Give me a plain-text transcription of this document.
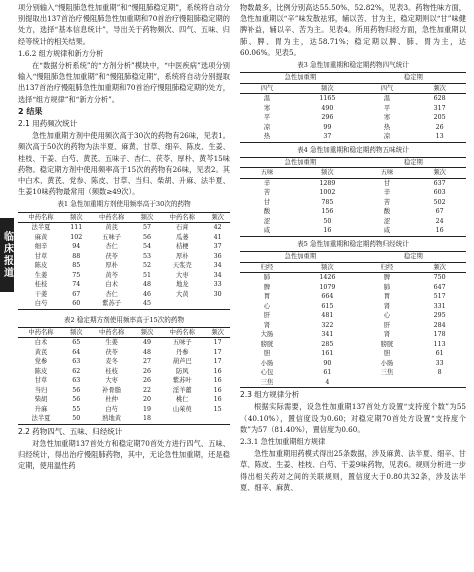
临床报道

项分别输入“慢阻肺急性加重期”和“慢阻肺稳定期”，系统将自动分别提取出137首治疗慢阻肺急性加重期和70首治疗慢阻肺稳定期的处方，选择“基本信息统计”，导出关于药物频次、四气、五味、归经等统计的相关结果。

1.6.2 组方规律和新方分析

在“数据分析系统”的“方剂分析”模块中，“中医疾病”选项分别输入“慢阻肺急性加重期”和“慢阻肺稳定期”，系统将自动分别提取出137首治疗慢阻肺急性加重期和70首治疗慢阻肺稳定期的处方，选择“组方规律”和“新方分析”。

2 结果

2.1 用药频次统计

急性加重期方剂中使用频次高于30次的药物有26味，见表1。频次高于50次的药物为法半夏、麻黄、甘草、细辛、陈皮、生姜、桂枝、干姜、白芍、黄芪、五味子、杏仁、茯苓、厚朴、黄芩15味药物。稳定期方剂中使用频率高于15次的药物有26味，见表2。其中白术、黄芪、党参、陈皮、甘草、当归、柴胡、升麻、法半夏、生姜10味药物最常用（频数≥49次）。

表1 急性加重期方剂使用频率高于30次的药物
中药名称	频次	中药名称	频次	中药名称	频次
法半夏	111	黄芪	57	石膏	42
麻黄	102	五味子	56	瓜蒌	41
细辛	94	杏仁	54	桔梗	37
甘草	88	茯苓	53	厚朴	36
陈皮	85	厚朴	52	天浆壳	34
生姜	75	黄芩	51	大枣	34
桂枝	74	白术	48	地龙	33
干姜	67	杏仁	46	大黄	30
白芍	60	紫苏子	45		
表2 稳定期方剂使用频率高于15次的药物
中药名称	频次	中药名称	频次	中药名称	频次
白术	65	生姜	49	五味子	17
黄芪	64	茯苓	48	丹参	17
党参	63	麦冬	27	葫芦巴	17
陈皮	62	桂枝	26	防风	16
甘草	63	大枣	26	紫苏叶	16
当归	56	补骨脂	22	淫羊藿	16
柴胡	56	杜仲	20	桃仁	16
升麻	55	白芍	19	山茱萸	15
法半夏	50	熟地黄	18		

2.2 药物四气、五味、归经统计

对急性加重期137首处方和稳定期70首处方进行四气、五味、归经统计，得出治疗慢阻肺药物，其中，无论急性加重期，还是稳定期，使用温性药

物数最多，比例分别高达55.50%、52.82%，见表3。药物性味方面，急性加重期以“辛”味发散祛邪，辅以苦、甘为主，稳定期则以“甘”味健脾补益，辅以辛、苦为主。见表4。所用药物归经方面，急性加重期以肺、脾、胃为主，达58.71%；稳定期以脾、肺、胃为主，达60.06%。见表5。

表3 急性加重期和稳定期药物四气统计
急性加重期		稳定期	
四气	频次	四气	频次
温	1165	温	628
寒	490	平	317
平	296	寒	205
凉	99	热	26
热	37	凉	13
表4 急性加重期和稳定期药物五味统计
急性加重期		稳定期	
五味	频次	五味	频次
辛	1289	甘	637
苦	1002	辛	603
甘	785	苦	502
酸	156	酸	67
涩	50	涩	24
咸	16	咸	16
表5 急性加重期和稳定期药物归经统计
急性加重期		稳定期	
归经	频次	归经	频次
肺	1426	脾	750
脾	1079	肺	647
胃	664	胃	517
心	615	肾	331
肝	481	心	295
肾	322	肝	284
大肠	341	肾	178
膀胱	285	膀胱	113
胆	161	胆	61
小肠	90	小肠	33
心包	61	三焦	8
三焦	4		

2.3 组方规律分析

根据实际需要，设急性加重期137首处方设置“支持度个数”为55（40.10%），置信度设为0.60；对稳定期70首处方设置“支持度个数”为57（81.40%），置信度为0.60。

2.3.1 急性加重期组方规律

急性加重期用药模式得出25条数据，涉及麻黄、法半夏、细辛、甘草、陈皮、生姜、桂枝、白芍、干姜9味药物，见表6。规则分析进一步得出相关药对之间的关联规则，置信度大于0.80共32条，涉及法半夏、细辛、麻黄、
